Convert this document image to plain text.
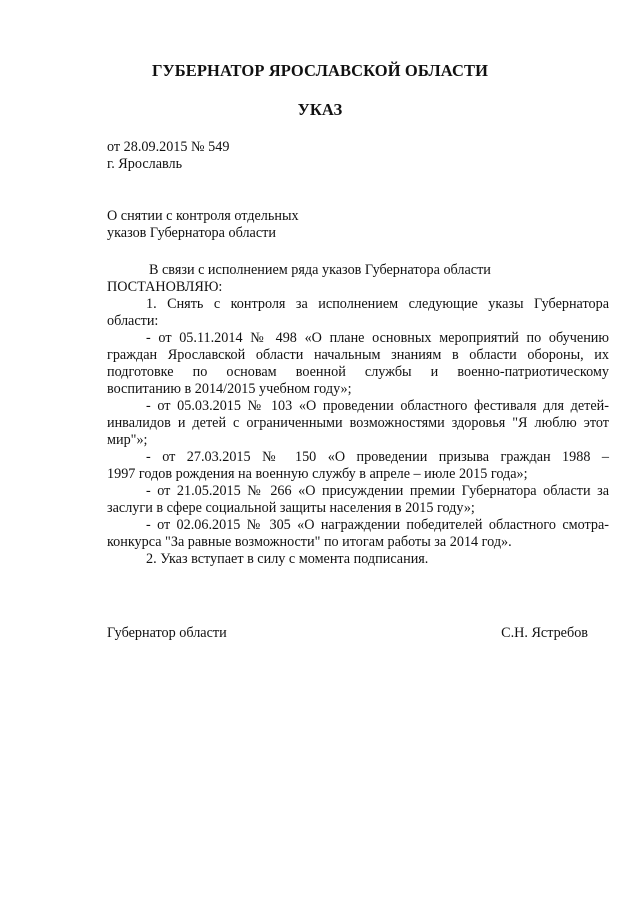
ГУБЕРНАТОР ЯРОСЛАВСКОЙ ОБЛАСТИ
УКАЗ
от 28.09.2015 № 549
г. Ярославль
О снятии с контроля отдельных
указов Губернатора области
В связи с исполнением ряда указов Губернатора области
ПОСТАНОВЛЯЮ:
1. Снять с контроля за исполнением следующие указы Губернатора
области:
- от 05.11.2014 № 498 «О плане основных мероприятий по обучению
граждан Ярославской области начальным знаниям в области обороны, их
подготовке по основам военной службы и военно-патриотическому
воспитанию в 2014/2015 учебном году»;
- от 05.03.2015 № 103 «О проведении областного фестиваля для детей-
инвалидов и детей с ограниченными возможностями здоровья "Я люблю этот
мир"»;
- от 27.03.2015 № 150 «О проведении призыва граждан 1988 –
1997 годов рождения на военную службу в апреле – июле 2015 года»;
- от 21.05.2015 № 266 «О присуждении премии Губернатора области за
заслуги в сфере социальной защиты населения в 2015 году»;
- от 02.06.2015 № 305 «О награждении победителей областного смотра-
конкурса "За равные возможности" по итогам работы за 2014 год».
2. Указ вступает в силу с момента подписания.
Губернатор области	С.Н. Ястребов
